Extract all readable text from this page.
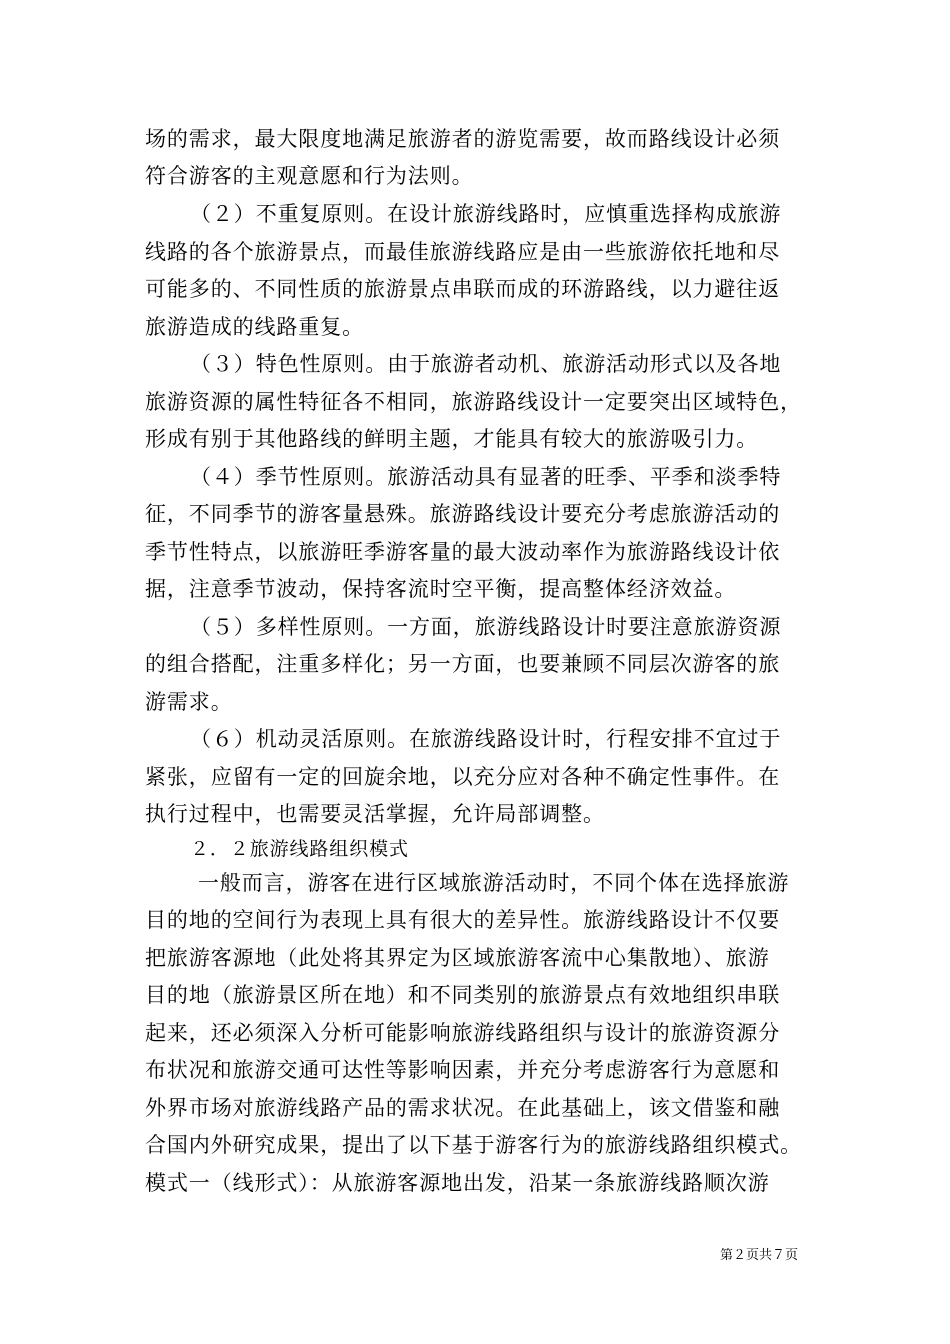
场的需求，最大限度地满足旅游者的游览需要，故而路线设计必须
符合游客的主观意愿和行为法则。
（２）不重复原则。在设计旅游线路时，应慎重选择构成旅游
线路的各个旅游景点，而最佳旅游线路应是由一些旅游依托地和尽
可能多的、不同性质的旅游景点串联而成的环游路线，以力避往返
旅游造成的线路重复。
（３）特色性原则。由于旅游者动机、旅游活动形式以及各地
旅游资源的属性特征各不相同，旅游路线设计一定要突出区域特色，
形成有别于其他路线的鲜明主题，才能具有较大的旅游吸引力。
（４）季节性原则。旅游活动具有显著的旺季、平季和淡季特
征，不同季节的游客量悬殊。旅游路线设计要充分考虑旅游活动的
季节性特点，以旅游旺季游客量的最大波动率作为旅游路线设计依
据，注意季节波动，保持客流时空平衡，提高整体经济效益。
（５）多样性原则。一方面，旅游线路设计时要注意旅游资源
的组合搭配，注重多样化；另一方面，也要兼顾不同层次游客的旅
游需求。
（６）机动灵活原则。在旅游线路设计时，行程安排不宜过于
紧张，应留有一定的回旋余地，以充分应对各种不确定性事件。在
执行过程中，也需要灵活掌握，允许局部调整。
２．２旅游线路组织模式
一般而言，游客在进行区域旅游活动时，不同个体在选择旅游
目的地的空间行为表现上具有很大的差异性。旅游线路设计不仅要
把旅游客源地（此处将其界定为区域旅游客流中心集散地）、旅游
目的地（旅游景区所在地）和不同类别的旅游景点有效地组织串联
起来，还必须深入分析可能影响旅游线路组织与设计的旅游资源分
布状况和旅游交通可达性等影响因素，并充分考虑游客行为意愿和
外界市场对旅游线路产品的需求状况。在此基础上，该文借鉴和融
合国内外研究成果，提出了以下基于游客行为的旅游线路组织模式。
模式一（线形式）：从旅游客源地出发，沿某一条旅游线路顺次游
第２页共７页
